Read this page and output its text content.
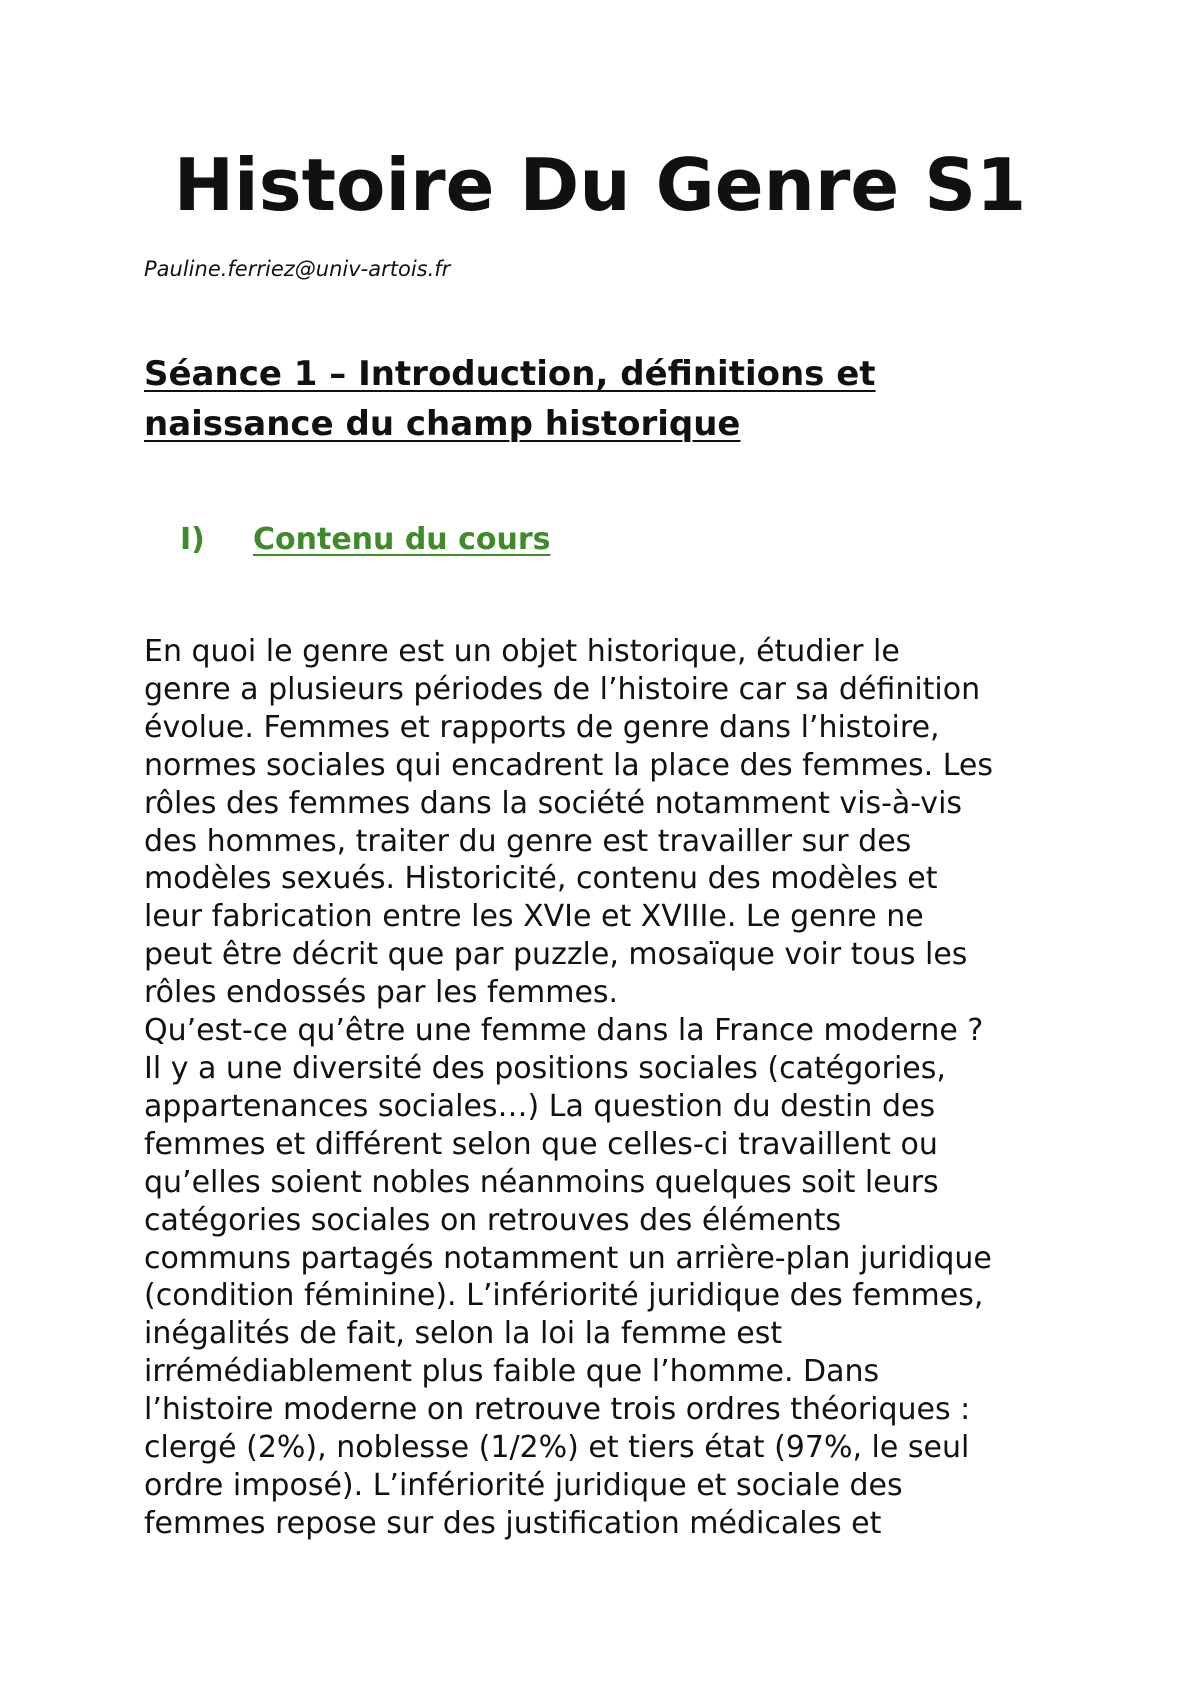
Histoire Du Genre S1

Pauline.ferriez@univ-artois.fr

Séance 1 – Introduction, définitions et
naissance du champ historique
I) Contenu du cours
En quoi le genre est un objet historique, étudier le
genre a plusieurs périodes de l’histoire car sa définition
évolue. Femmes et rapports de genre dans l’histoire,
normes sociales qui encadrent la place des femmes. Les
rôles des femmes dans la société notamment vis-à-vis
des hommes, traiter du genre est travailler sur des
modèles sexués. Historicité, contenu des modèles et
leur fabrication entre les XVIe et XVIIIe. Le genre ne
peut être décrit que par puzzle, mosaïque voir tous les
rôles endossés par les femmes.
Qu’est-ce qu’être une femme dans la France moderne ?
Il y a une diversité des positions sociales (catégories,
appartenances sociales…) La question du destin des
femmes et différent selon que celles-ci travaillent ou
qu’elles soient nobles néanmoins quelques soit leurs
catégories sociales on retrouves des éléments
communs partagés notamment un arrière-plan juridique
(condition féminine). L’infériorité juridique des femmes,
inégalités de fait, selon la loi la femme est
irrémédiablement plus faible que l’homme. Dans
l’histoire moderne on retrouve trois ordres théoriques :
clergé (2%), noblesse (1/2%) et tiers état (97%, le seul
ordre imposé). L’infériorité juridique et sociale des
femmes repose sur des justification médicales et
